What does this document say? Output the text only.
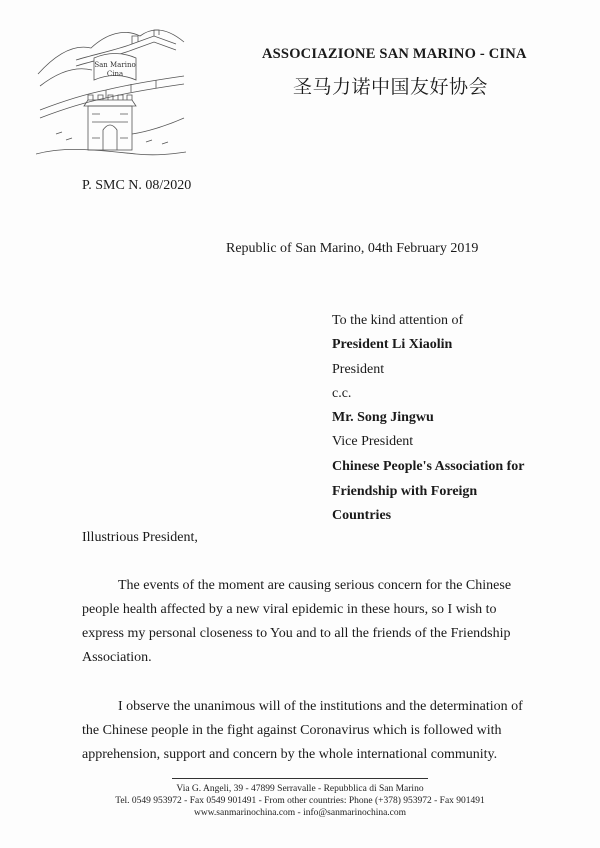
San Marino
Cina
ASSOCIAZIONE SAN MARINO - CINA
圣马力诺中国友好协会
P. SMC N. 08/2020
Republic of San Marino, 04th February 2019
To the kind attention of
President Li Xiaolin
President
c.c.
Mr. Song Jingwu
Vice President
Chinese People's Association for
Friendship with Foreign
Countries
Illustrious President,

The events of the moment are causing serious concern for the Chinese
people health affected by a new viral epidemic in these hours, so I wish to
express my personal closeness to You and to all the friends of the Friendship
Association.

I observe the unanimous will of the institutions and the determination of
the Chinese people in the fight against Coronavirus which is followed with
apprehension, support and concern by the whole international community.

Via G. Angeli, 39 - 47899 Serravalle - Repubblica di San Marino
Tel. 0549 953972 - Fax 0549 901491 - From other countries: Phone (+378) 953972 - Fax 901491
www.sanmarinochina.com - info@sanmarinochina.com
